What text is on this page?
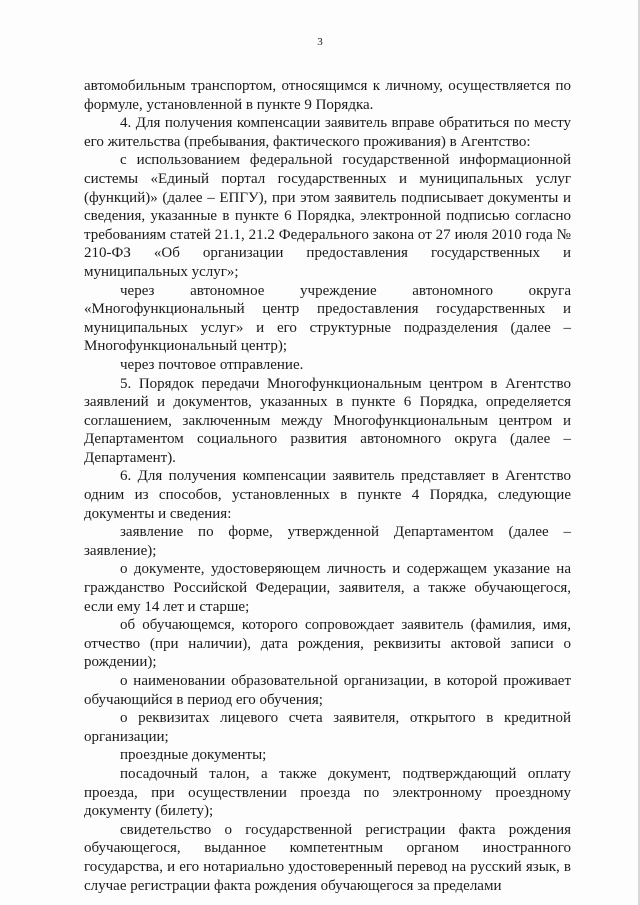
3

автомобильным транспортом, относящимся к личному, осуществляется по формуле, установленной в пункте 9 Порядка.

4. Для получения компенсации заявитель вправе обратиться по месту его жительства (пребывания, фактического проживания) в Агентство:

с использованием федеральной государственной информационной системы «Единый портал государственных и муниципальных услуг (функций)» (далее – ЕПГУ), при этом заявитель подписывает документы и сведения, указанные в пункте 6 Порядка, электронной подписью согласно требованиям статей 21.1, 21.2 Федерального закона от 27 июля 2010 года № 210-ФЗ «Об организации предоставления государственных и муниципальных услуг»;

через автономное учреждение автономного округа «Многофункциональный центр предоставления государственных и муниципальных услуг» и его структурные подразделения (далее – Многофункциональный центр);

через почтовое отправление.

5. Порядок передачи Многофункциональным центром в Агентство заявлений и документов, указанных в пункте 6 Порядка, определяется соглашением, заключенным между Многофункциональным центром и Департаментом социального развития автономного округа (далее – Департамент).

6. Для получения компенсации заявитель представляет в Агентство одним из способов, установленных в пункте 4 Порядка, следующие документы и сведения:

заявление по форме, утвержденной Департаментом (далее – заявление);

о документе, удостоверяющем личность и содержащем указание на гражданство Российской Федерации, заявителя, а также обучающегося, если ему 14 лет и старше;

об обучающемся, которого сопровождает заявитель (фамилия, имя, отчество (при наличии), дата рождения, реквизиты актовой записи о рождении);

о наименовании образовательной организации, в которой проживает обучающийся в период его обучения;

о реквизитах лицевого счета заявителя, открытого в кредитной организации;

проездные документы;

посадочный талон, а также документ, подтверждающий оплату проезда, при осуществлении проезда по электронному проездному документу (билету);

свидетельство о государственной регистрации факта рождения обучающегося, выданное компетентным органом иностранного государства, и его нотариально удостоверенный перевод на русский язык, в случае регистрации факта рождения обучающегося за пределами
